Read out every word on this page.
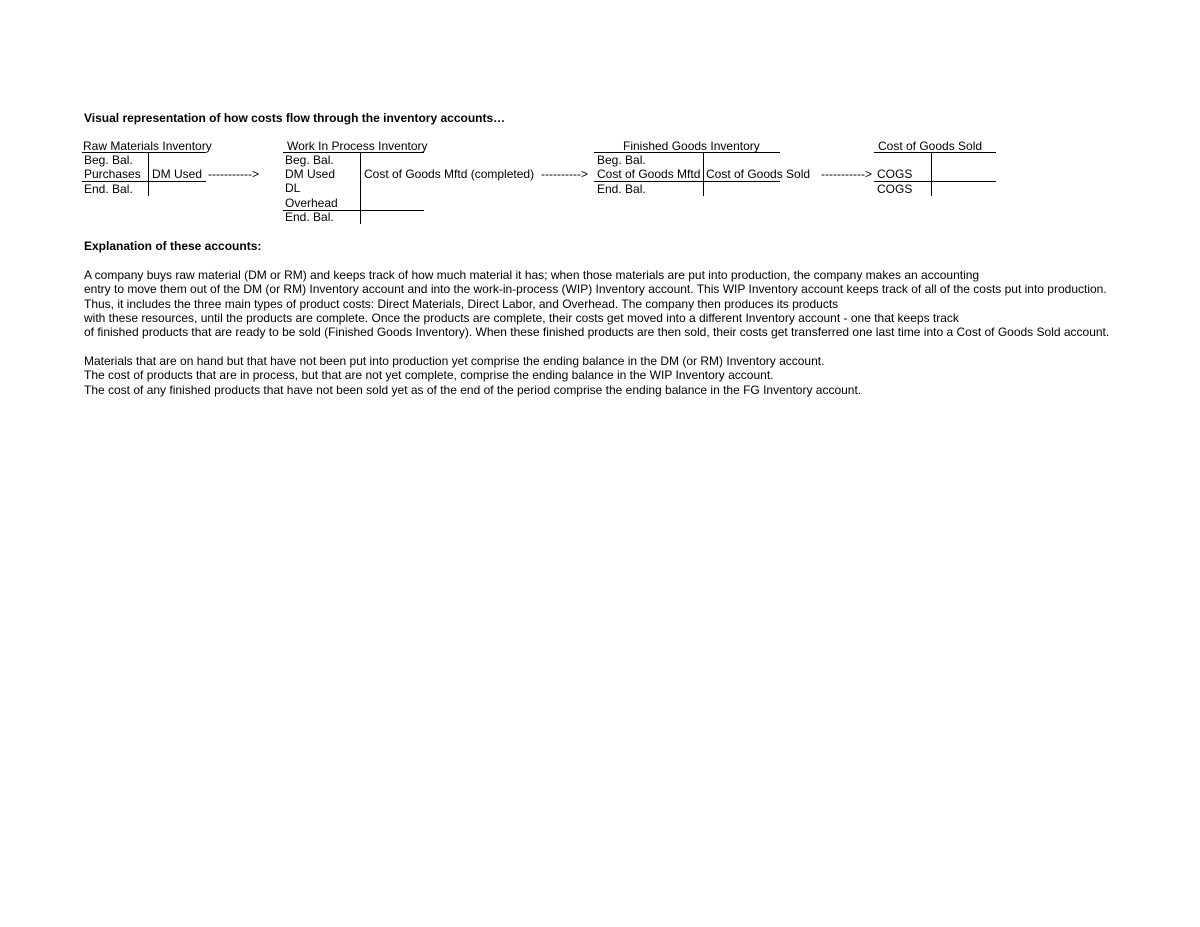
Visual representation of how costs flow through the inventory accounts…
Raw Materials Inventory
Beg. Bal.
Purchases
End. Bal.
DM Used ----------->
Work In Process Inventory
Beg. Bal.
DM Used
DL
Overhead
End. Bal.
Cost of Goods Mftd (completed) ---------->
Finished Goods Inventory
Beg. Bal.
Cost of Goods Mftd
End. Bal.
Cost of Goods Sold ----------->
Cost of Goods Sold
COGS
COGS
Explanation of these accounts:
A company buys raw material (DM or RM) and keeps track of how much material it has; when those materials are put into production, the company makes an accounting
entry to move them out of the DM (or RM) Inventory account and into the work-in-process (WIP) Inventory account. This WIP Inventory account keeps track of all of the costs put into production.
Thus, it includes the three main types of product costs: Direct Materials, Direct Labor, and Overhead. The company then produces its products
with these resources, until the products are complete. Once the products are complete, their costs get moved into a different Inventory account - one that keeps track
of finished products that are ready to be sold (Finished Goods Inventory). When these finished products are then sold, their costs get transferred one last time into a Cost of Goods Sold account.
Materials that are on hand but that have not been put into production yet comprise the ending balance in the DM (or RM) Inventory account.
The cost of products that are in process, but that are not yet complete, comprise the ending balance in the WIP Inventory account.
The cost of any finished products that have not been sold yet as of the end of the period comprise the ending balance in the FG Inventory account.
